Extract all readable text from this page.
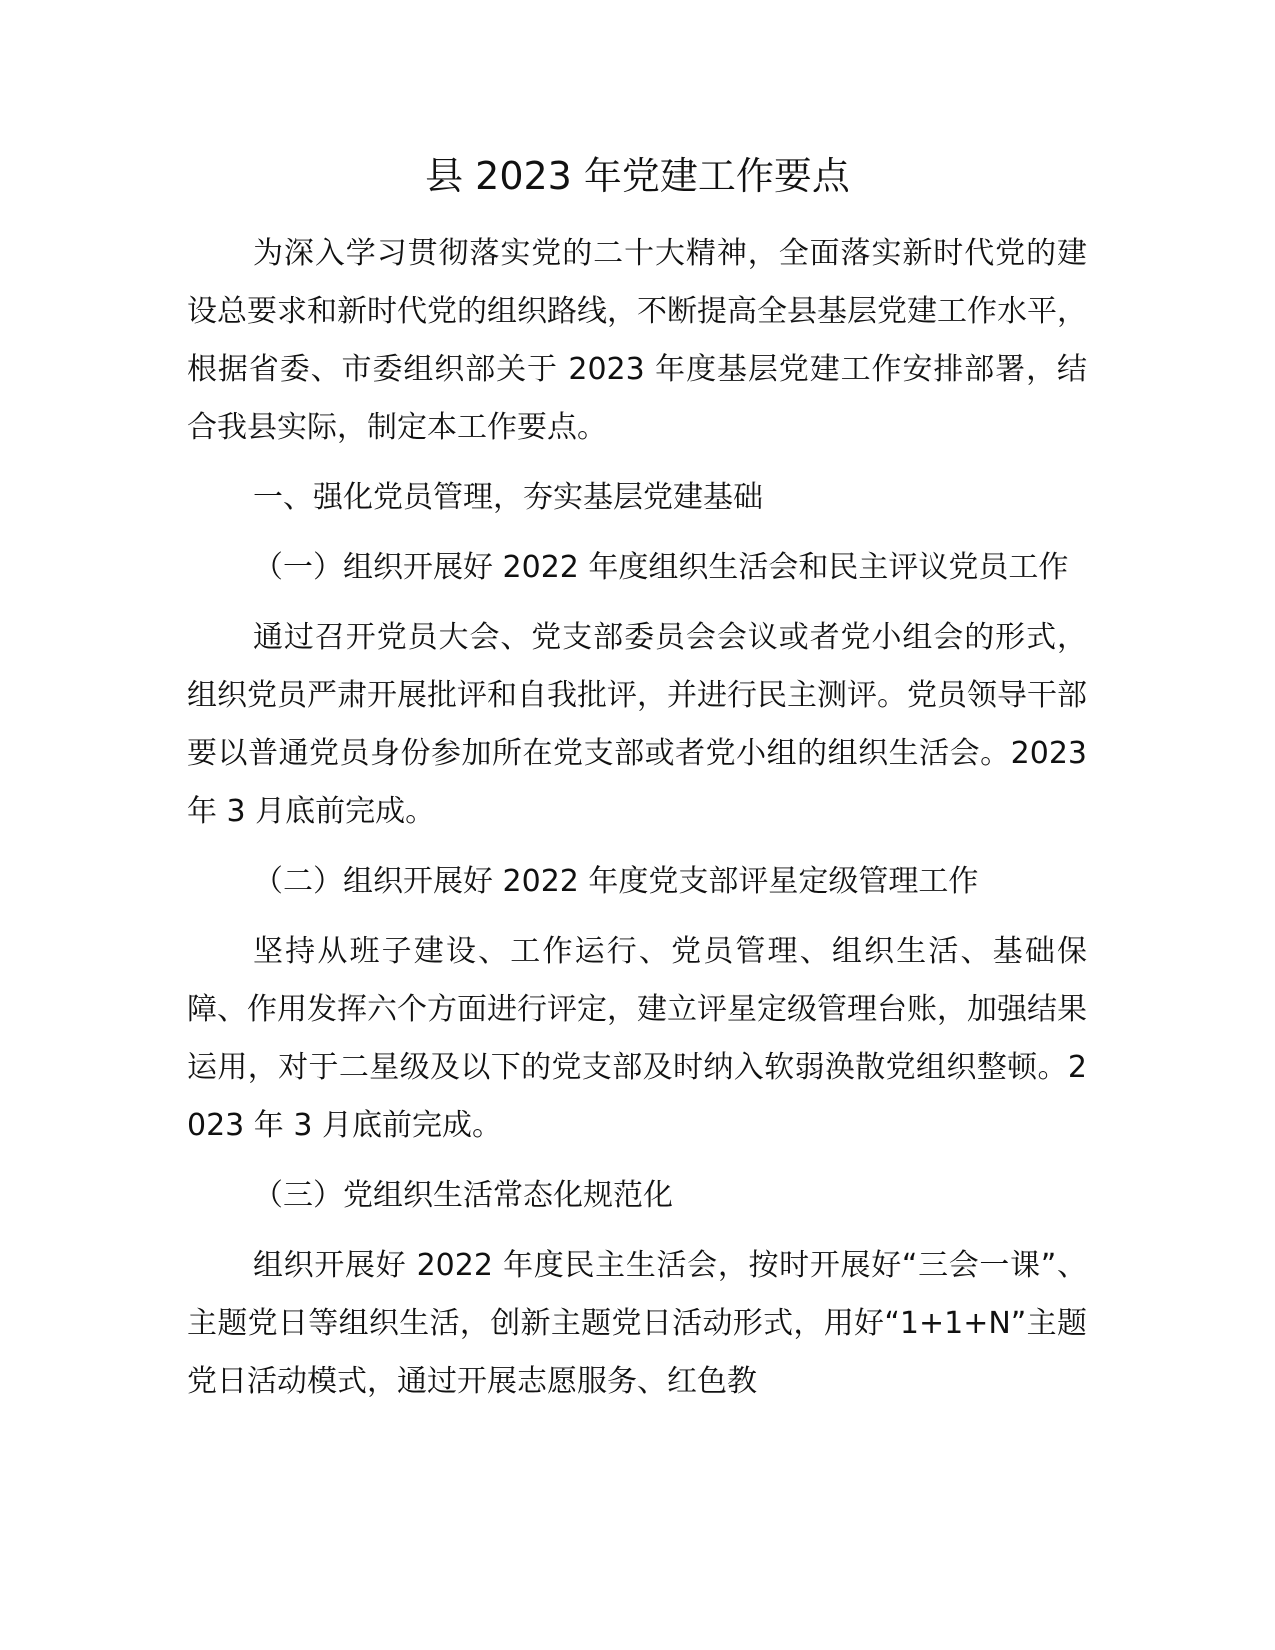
县 2023 年党建工作要点

为深入学习贯彻落实党的二十大精神，全面落实新时代党的建设总要求和新时代党的组织路线，不断提高全县基层党建工作水平，根据省委、市委组织部关于 2023 年度基层党建工作安排部署，结合我县实际，制定本工作要点。

一、强化党员管理，夯实基层党建基础

（一）组织开展好 2022 年度组织生活会和民主评议党员工作

通过召开党员大会、党支部委员会会议或者党小组会的形式，组织党员严肃开展批评和自我批评，并进行民主测评。党员领导干部要以普通党员身份参加所在党支部或者党小组的组织生活会。2023 年 3 月底前完成。

（二）组织开展好 2022 年度党支部评星定级管理工作

坚持从班子建设、工作运行、党员管理、组织生活、基础保障、作用发挥六个方面进行评定，建立评星定级管理台账，加强结果运用，对于二星级及以下的党支部及时纳入软弱涣散党组织整顿。2023 年 3 月底前完成。

（三）党组织生活常态化规范化

组织开展好 2022 年度民主生活会，按时开展好“三会一课”、主题党日等组织生活，创新主题党日活动形式，用好“1+1+N”主题党日活动模式，通过开展志愿服务、红色教
